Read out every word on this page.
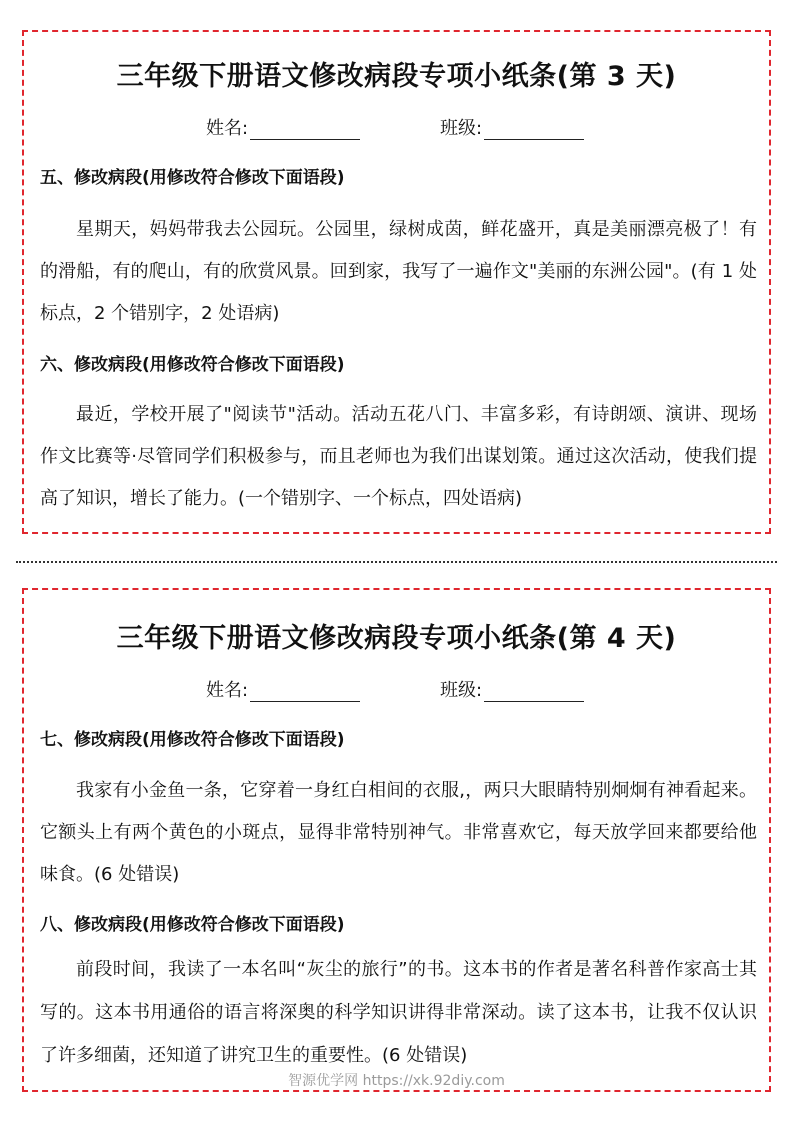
三年级下册语文修改病段专项小纸条(第 3 天)
姓名:	班级:
五、修改病段(用修改符合修改下面语段)
星期天，妈妈带我去公园玩。公园里，绿树成茵，鲜花盛开，真是美丽漂亮极了！有的滑船，有的爬山，有的欣赏风景。回到家，我写了一遍作文"美丽的东洲公园"。(有 1 处标点，2 个错别字，2 处语病)
六、修改病段(用修改符合修改下面语段)
最近，学校开展了"阅读节"活动。活动五花八门、丰富多彩，有诗朗颂、演讲、现场作文比赛等·尽管同学们积极参与，而且老师也为我们出谋划策。通过这次活动，使我们提高了知识，增长了能力。(一个错别字、一个标点，四处语病)
三年级下册语文修改病段专项小纸条(第 4 天)
姓名:	班级:
七、修改病段(用修改符合修改下面语段)
我家有小金鱼一条，它穿着一身红白相间的衣服,，两只大眼睛特别炯炯有神看起来。它额头上有两个黄色的小斑点，显得非常特别神气。非常喜欢它，每天放学回来都要给他味食。(6 处错误)
八、修改病段(用修改符合修改下面语段)
前段时间，我读了一本名叫“灰尘的旅行”的书。这本书的作者是著名科普作家高士其写的。这本书用通俗的语言将深奥的科学知识讲得非常深动。读了这本书，让我不仅认识了许多细菌，还知道了讲究卫生的重要性。(6 处错误)
智源优学网 https://xk.92diy.com
